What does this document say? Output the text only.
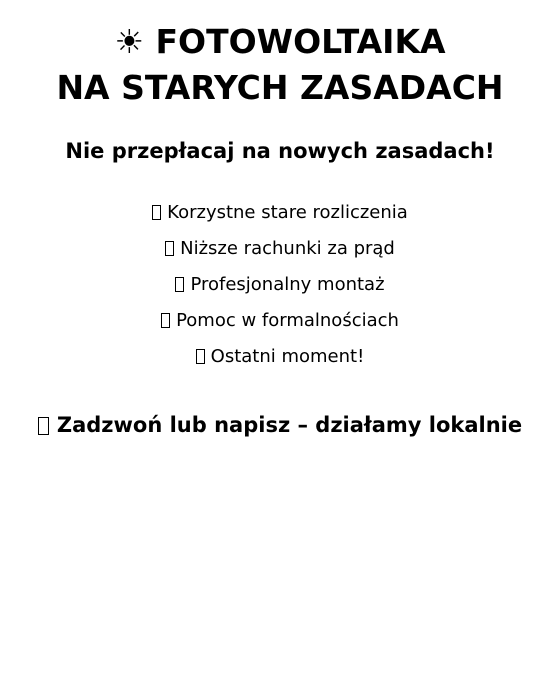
☀ FOTOWOLTAIKA
NA STARYCH ZASADACH
Nie przepłacaj na nowych zasadach!
Korzystne stare rozliczenia
Niższe rachunki za prąd
Profesjonalny montaż
Pomoc w formalnościach
Ostatni moment!
Zadzwoń lub napisz – działamy lokalnie
